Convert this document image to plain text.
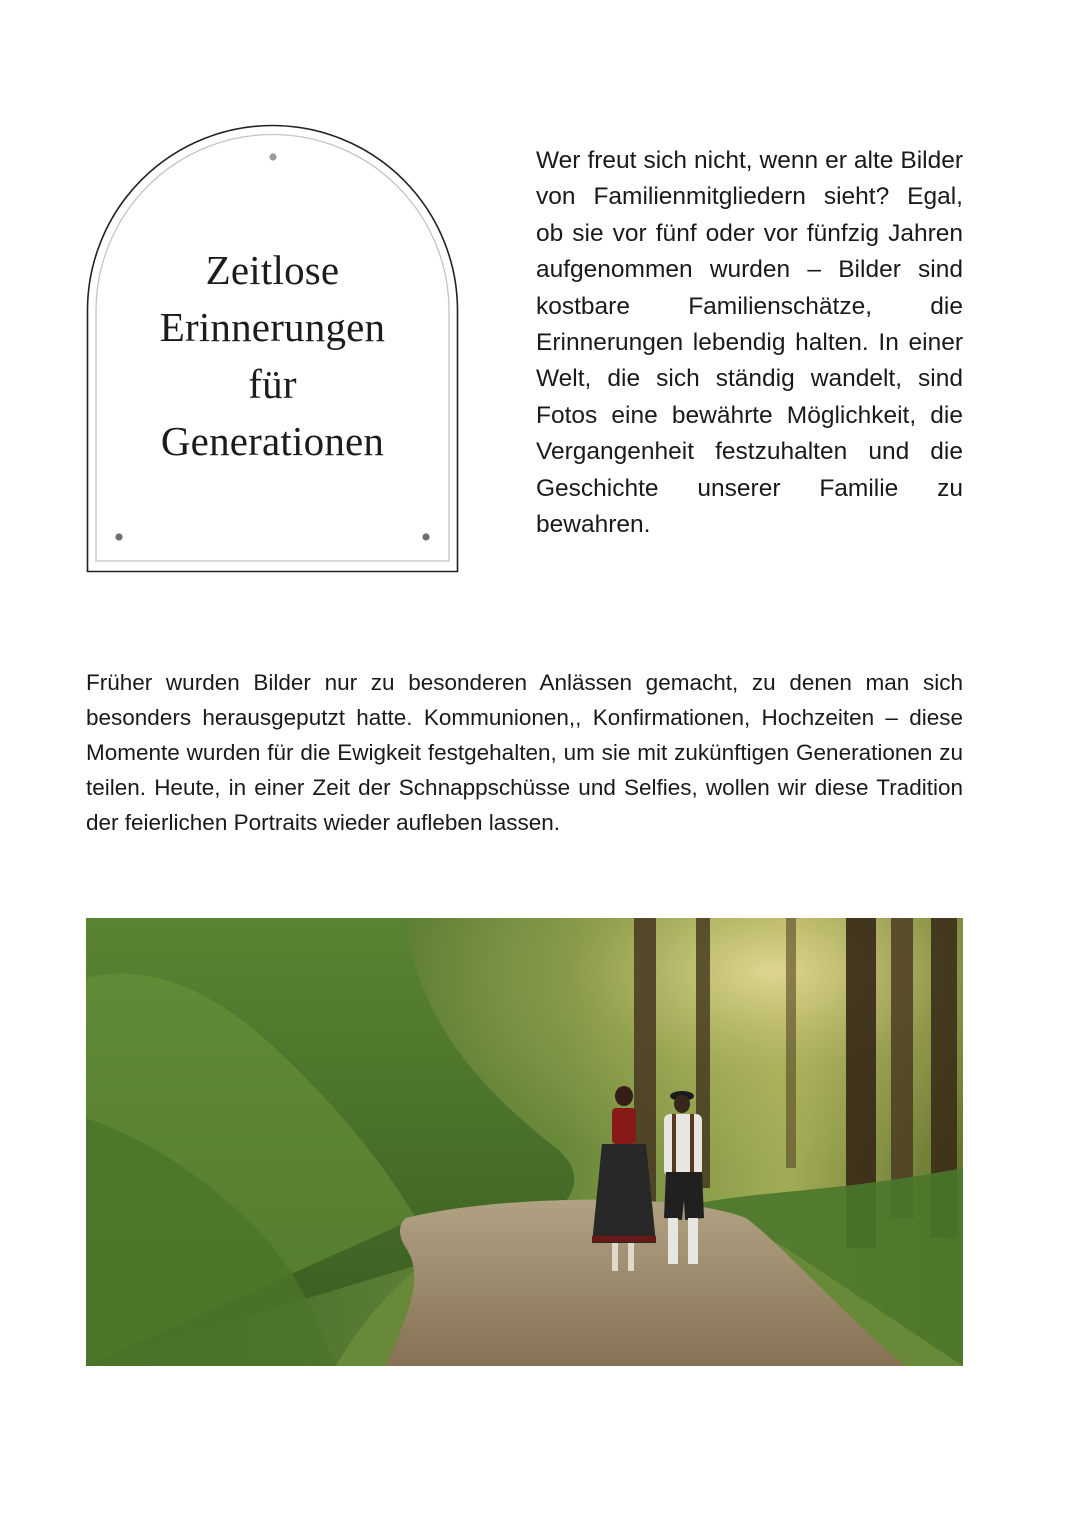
Zeitlose
Erinnerungen
für
Generationen

Wer freut sich nicht, wenn er alte Bilder von Familienmitgliedern sieht? Egal, ob sie vor fünf oder vor fünfzig Jahren aufgenommen wurden – Bilder sind kostbare Familienschätze, die Erinnerungen lebendig halten. In einer Welt, die sich ständig wandelt, sind Fotos eine bewährte Möglichkeit, die Vergangenheit festzuhalten und die Geschichte unserer Familie zu bewahren.

Früher wurden Bilder nur zu besonderen Anlässen gemacht, zu denen man sich besonders herausgeputzt hatte. Kommunionen,, Konfirmationen, Hochzeiten – diese Momente wurden für die Ewigkeit festgehalten, um sie mit zukünftigen Generationen zu teilen. Heute, in einer Zeit der Schnappschüsse und Selfies, wollen wir diese Tradition der feierlichen Portraits wieder aufleben lassen.
